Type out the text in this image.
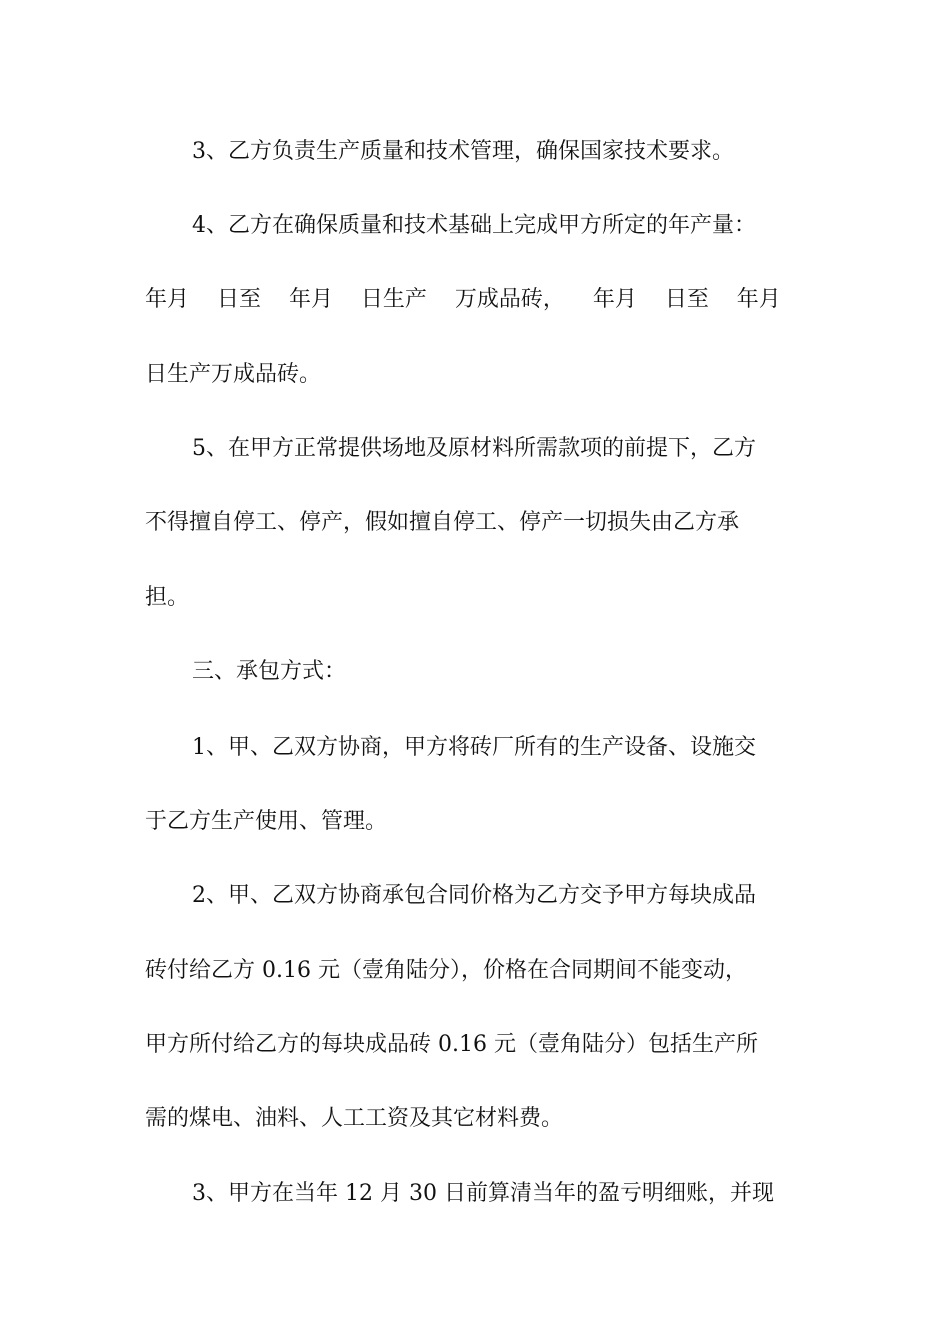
3、乙方负责生产质量和技术管理，确保国家技术要求。
4、乙方在确保质量和技术基础上完成甲方所定的年产量：
年月    日至    年月    日生产    万成品砖，    年月    日至    年月
日生产万成品砖。
5、在甲方正常提供场地及原材料所需款项的前提下，乙方
不得擅自停工、停产，假如擅自停工、停产一切损失由乙方承
担。
三、承包方式：
1、甲、乙双方协商，甲方将砖厂所有的生产设备、设施交
于乙方生产使用、管理。
2、甲、乙双方协商承包合同价格为乙方交予甲方每块成品
砖付给乙方 0.16 元（壹角陆分），价格在合同期间不能变动，
甲方所付给乙方的每块成品砖 0.16 元（壹角陆分）包括生产所
需的煤电、油料、人工工资及其它材料费。
3、甲方在当年 12 月 30 日前算清当年的盈亏明细账，并现
